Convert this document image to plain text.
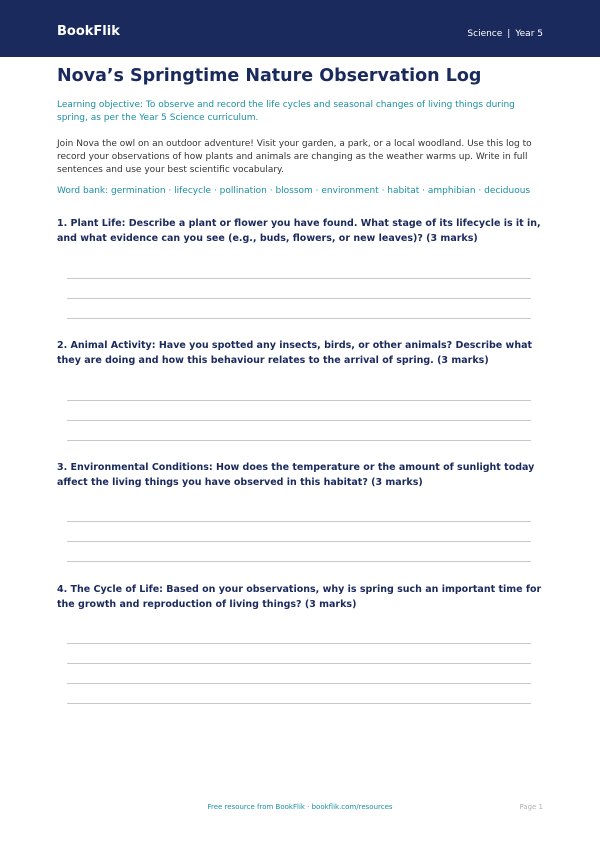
BookFlik	Science | Year 5
Nova’s Springtime Nature Observation Log

Learning objective: To observe and record the life cycles and seasonal changes of living things during spring, as per the Year 5 Science curriculum.

Join Nova the owl on an outdoor adventure! Visit your garden, a park, or a local woodland. Use this log to record your observations of how plants and animals are changing as the weather warms up. Write in full sentences and use your best scientific vocabulary.

Word bank: germination · lifecycle · pollination · blossom · environment · habitat · amphibian · deciduous

1. Plant Life: Describe a plant or flower you have found. What stage of its lifecycle is it in, and what evidence can you see (e.g., buds, flowers, or new leaves)? (3 marks)

2. Animal Activity: Have you spotted any insects, birds, or other animals? Describe what they are doing and how this behaviour relates to the arrival of spring. (3 marks)

3. Environmental Conditions: How does the temperature or the amount of sunlight today affect the living things you have observed in this habitat? (3 marks)

4. The Cycle of Life: Based on your observations, why is spring such an important time for the growth and reproduction of living things? (3 marks)

Free resource from BookFlik · bookflik.com/resources	Page 1
